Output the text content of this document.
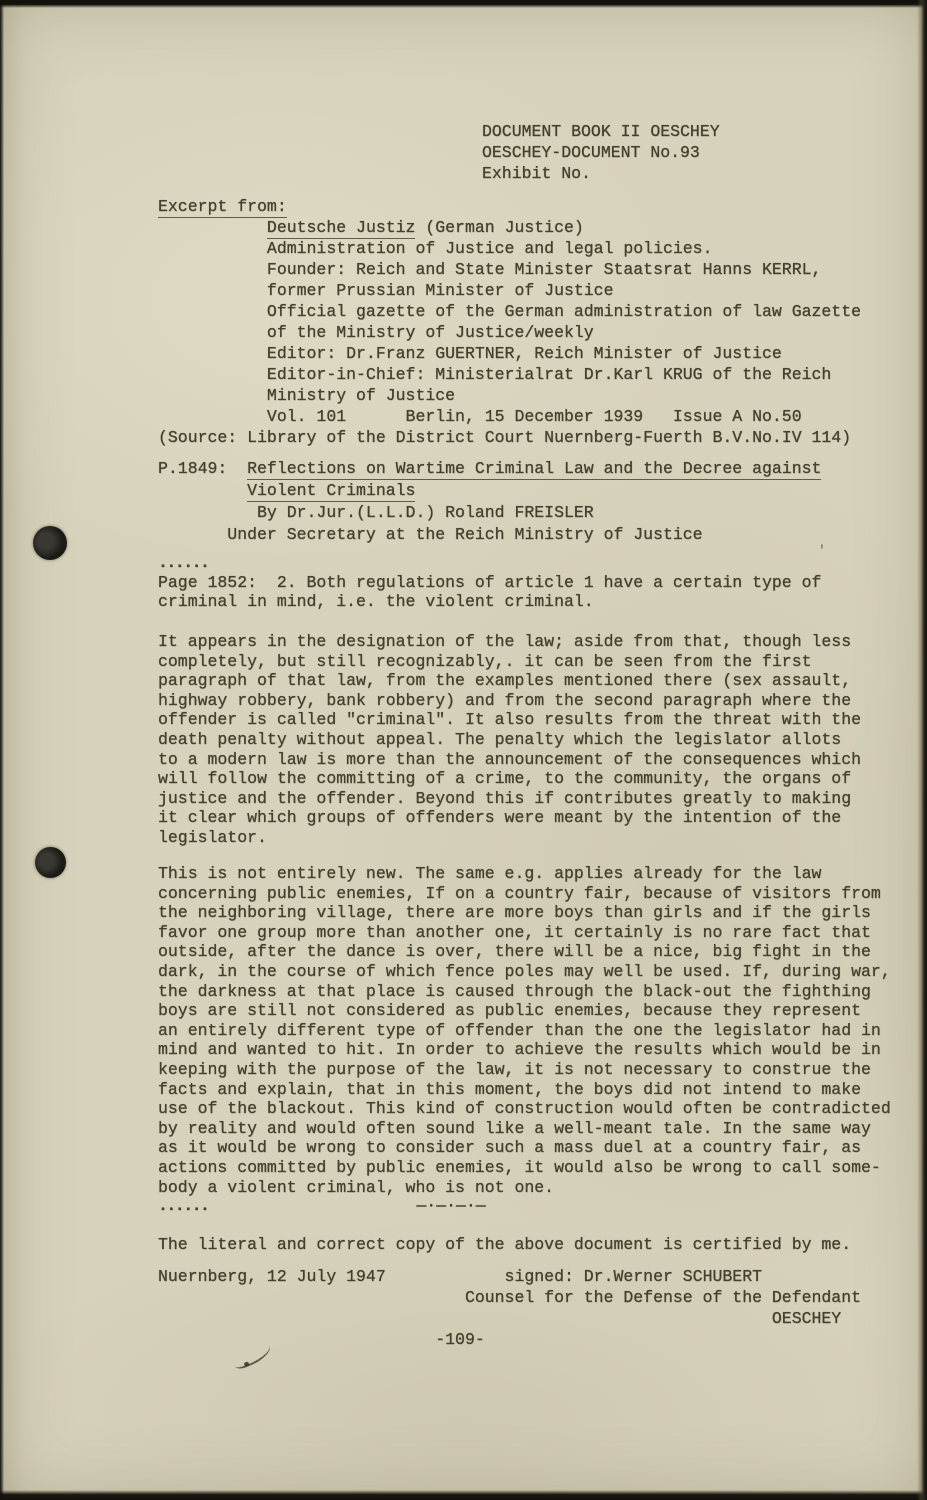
DOCUMENT BOOK II OESCHEY
OESCHEY-DOCUMENT No.93
Exhibit No.
Excerpt from:
Deutsche Justiz (German Justice)
Administration of Justice and legal policies.
Founder: Reich and State Minister Staatsrat Hanns KERRL,
former Prussian Minister of Justice
Official gazette of the German administration of law Gazette
of the Ministry of Justice/weekly
Editor: Dr.Franz GUERTNER, Reich Minister of Justice
Editor-in-Chief: Ministerialrat Dr.Karl KRUG of the Reich
Ministry of Justice
Vol. 101      Berlin, 15 December 1939   Issue A No.50
(Source: Library of the District Court Nuernberg-Fuerth B.V.No.IV 114)
P.1849:  Reflections on Wartime Criminal Law and the Decree against
Violent Criminals
By Dr.Jur.(L.L.D.) Roland FREISLER
Under Secretary at the Reich Ministry of Justice
......
Page 1852:  2. Both regulations of article 1 have a certain type of
criminal in mind, i.e. the violent criminal.
It appears in the designation of the law; aside from that, though less
completely, but still recognizably,. it can be seen from the first
paragraph of that law, from the examples mentioned there (sex assault,
highway robbery, bank robbery) and from the second paragraph where the
offender is called "criminal". It also results from the threat with the
death penalty without appeal. The penalty which the legislator allots
to a modern law is more than the announcement of the consequences which
will follow the committing of a crime, to the community, the organs of
justice and the offender. Beyond this if contributes greatly to making
it clear which groups of offenders were meant by the intention of the
legislator.
This is not entirely new. The same e.g. applies already for the law
concerning public enemies, If on a country fair, because of visitors from
the neighboring village, there are more boys than girls and if the girls
favor one group more than another one, it certainly is no rare fact that
outside, after the dance is over, there will be a nice, big fight in the
dark, in the course of which fence poles may well be used. If, during war,
the darkness at that place is caused through the black-out the fighthing
boys are still not considered as public enemies, because they represent
an entirely different type of offender than the one the legislator had in
mind and wanted to hit. In order to achieve the results which would be in
keeping with the purpose of the law, it is not necessary to construe the
facts and explain, that in this moment, the boys did not intend to make
use of the blackout. This kind of construction would often be contradicted
by reality and would often sound like a well-meant tale. In the same way
as it would be wrong to consider such a mass duel at a country fair, as
actions committed by public enemies, it would also be wrong to call some-
body a violent criminal, who is not one.
......	—·—·—·—
The literal and correct copy of the above document is certified by me.
Nuernberg, 12 July 1947            signed: Dr.Werner SCHUBERT
Counsel for the Defense of the Defendant
OESCHEY
-109-
'
